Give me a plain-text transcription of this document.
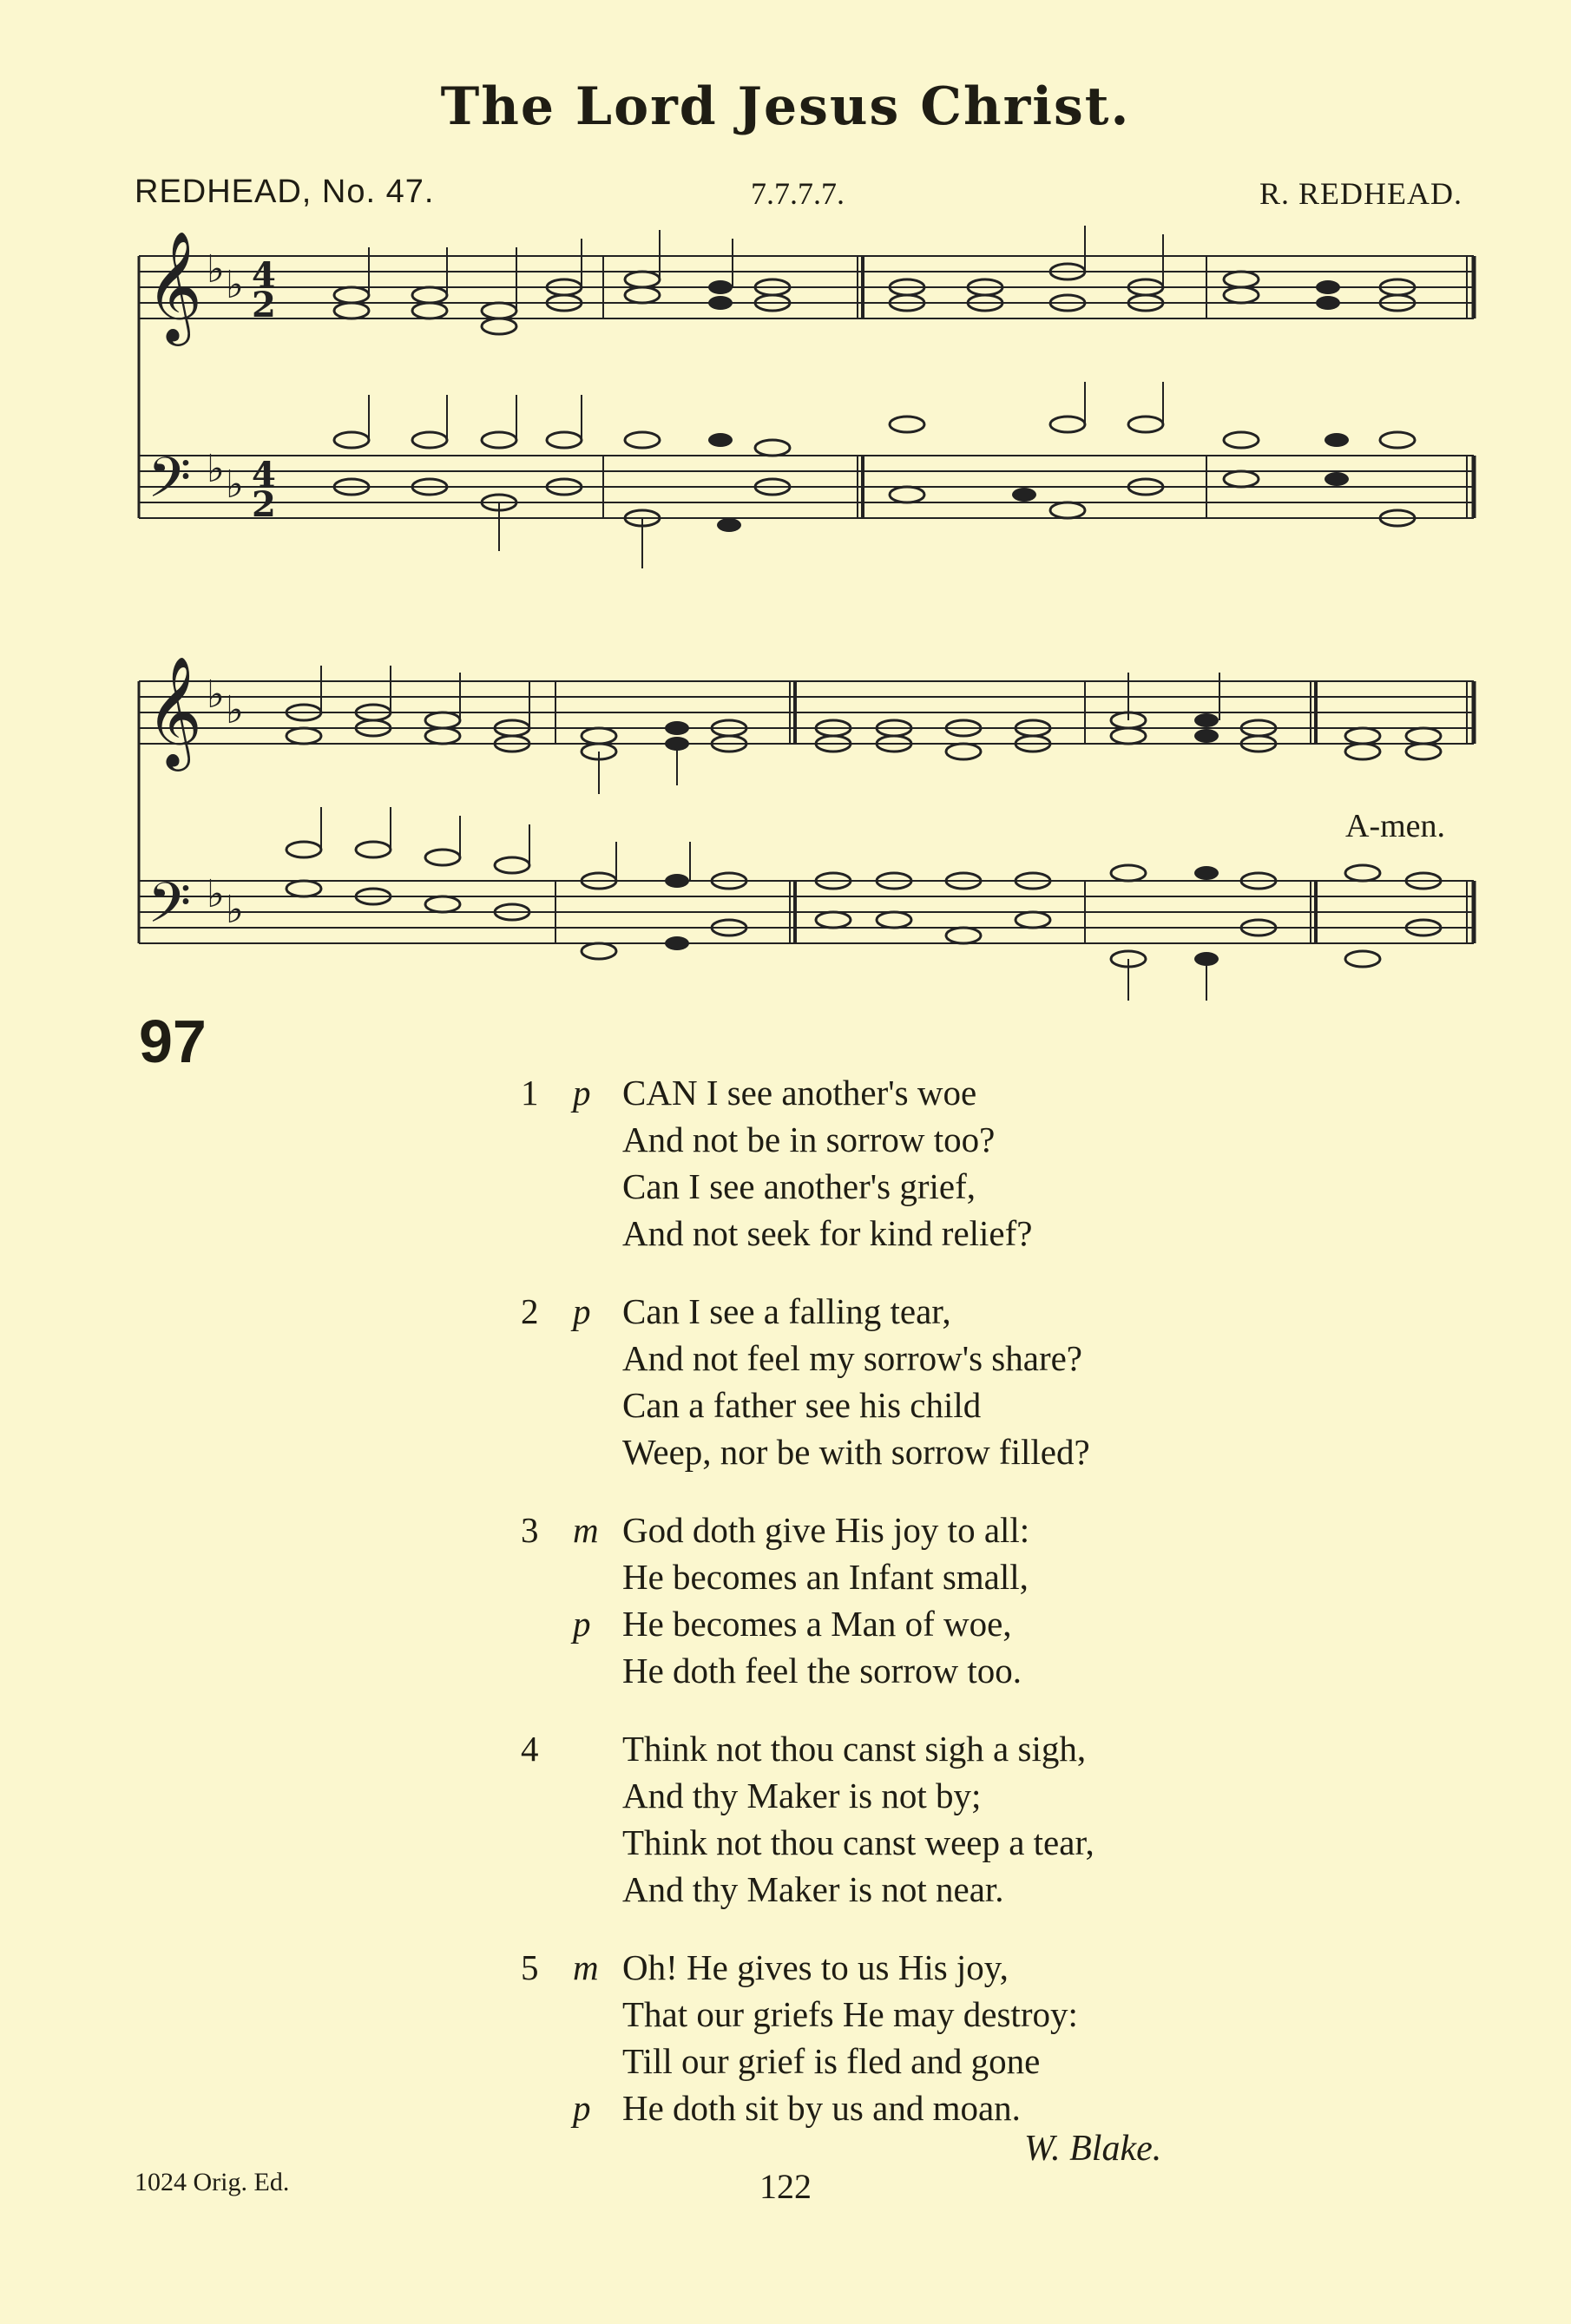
The Lord Jesus Christ.
REDHEAD, No. 47.	7.7.7.7.	R. REDHEAD.
𝄞
𝄢
♭ ♭
♭ ♭
4
2
4
2
𝄞
𝄢
♭ ♭
♭ ♭
A-men.
97
1 p CAN I see another's woe
And not be in sorrow too?
Can I see another's grief,
And not seek for kind relief?
2 p Can I see a falling tear,
And not feel my sorrow's share?
Can a father see his child
Weep, nor be with sorrow filled?
3 m God doth give His joy to all:
He becomes an Infant small,
p He becomes a Man of woe,
He doth feel the sorrow too.
4 Think not thou canst sigh a sigh,
And thy Maker is not by;
Think not thou canst weep a tear,
And thy Maker is not near.
5 m Oh! He gives to us His joy,
That our griefs He may destroy:
Till our grief is fled and gone
p He doth sit by us and moan.
W. Blake.
1024 Orig. Ed.	122
